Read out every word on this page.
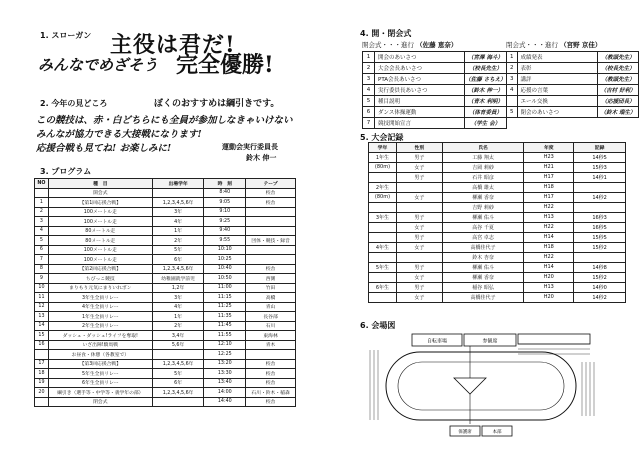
1. スローガン 主役は君だ!
みんなでめざそう 完全優勝!
2. 今年の見どころ	ぼくのおすすめは綱引きです。
この競技は、赤・白どちらにも全員が参加しなきゃいけない
みんなが協力できる大接戦になります!
応援合戦も見てね! お楽しみに!	運動会実行委員長
鈴木 伸一
3. プログラム
NO	種　目	出場学年	時　刻	テープ
	開会式		8:40	校舎
1	【第1回応援合戦】	1,2,3,4,5,6年	9:05	校舎
2	100メートル走	3年	9:10	
3	100メートル走	4年	9:25	
4	80メートル走	1年	9:40	
5	80メートル走	2年	9:55	団体・競技・録音
6	100メートル走	5年	10:10	
7	100メートル走	6年	10:25	
8	【第2回応援合戦】	1,2,3,4,5,6年	10:40	校舎
9	ちびっこ競技	幼稚園就学前児	10:50	西側
10	まりもり元気にまりいれボン	1,2年	11:00	竹田
11	3年生全員リレー	3年	11:15	高橋
12	4年生全員リレー	4年	11:25	青山
13	1年生全員リレー	1年	11:35	長谷部
14	2年生全員リレー	2年	11:45	石川
15	ダッシュ・ダッシュ!ライフを奪取!	3,4年	11:55	東海林
16	いざ出陣!騎馬戦	5,6年	12:10	青木
	お昼食・休憩（各教室で）		12:25	
17	【第3回応援合戦】	1,2,3,4,5,6年	13:20	校舎
18	5年生全員リレー	5年	13:30	校舎
19	6年生全員リレー	6年	13:40	校舎
20	綱引き（選手等・中学等・義学年の部）	1,2,3,4,5,6年	14:00	石川・鈴木・稲森
	閉会式		14:40	校舎
4. 開・閉会式
開会式・・・進行 （佐藤 恵奈）
1	開会のあいさつ	（宮澤 海斗）
2	大会会長あいさつ	（校長先生）
3	PTA会長あいさつ	（佐藤 さちえ）
4	実行委員長あいさつ	（鈴木 伸一）
5	種目説明	（青木 利明）
6	ダンス体操運動	（体育委員）
7	競技開始宣言	（学生 会）
閉会式・・・進行 （宮野 京佳）
1	成績発表	（教頭先生）
2	表彰	（校長先生）
3	講評	（教頭先生）
4	応援の言葉	（吉村 好利）
	エール交換	（応援団長）
5	閉会のあいさつ	（鈴木 瑠生）
5. 大会記録
学年	性別	氏名	年度	記録
1年生	男子	工藤 翔太	H23	14秒5
(80m)	女子	吉岡 莉紗	H21	15秒3
	男子	石井 昭彦	H17	14秒1
2年生		高橋 雄太	H18	
(80m)	女子	柳瀬 香奈	H17	14秒2
		吉野 莉紗	H22	
3年生	男子	柳瀬 佑斗	H13	16秒3
	女子	高谷 千夏	H22	16秒5
	男子	高宮 卓志	H14	15秒5
4年生	女子	高橋佳代子	H18	15秒2
		鈴木 杏奈	H22	
5年生	男子	柳瀬 佑斗	H14	14秒8
	女子	柳瀬 香奈	H20	15秒2
6年生	男子	稲谷 昭弘	H13	14秒0
	女子	高橋佳代子	H20	14秒2
6. 会場図
自転車場	参観席
保護席	本部
